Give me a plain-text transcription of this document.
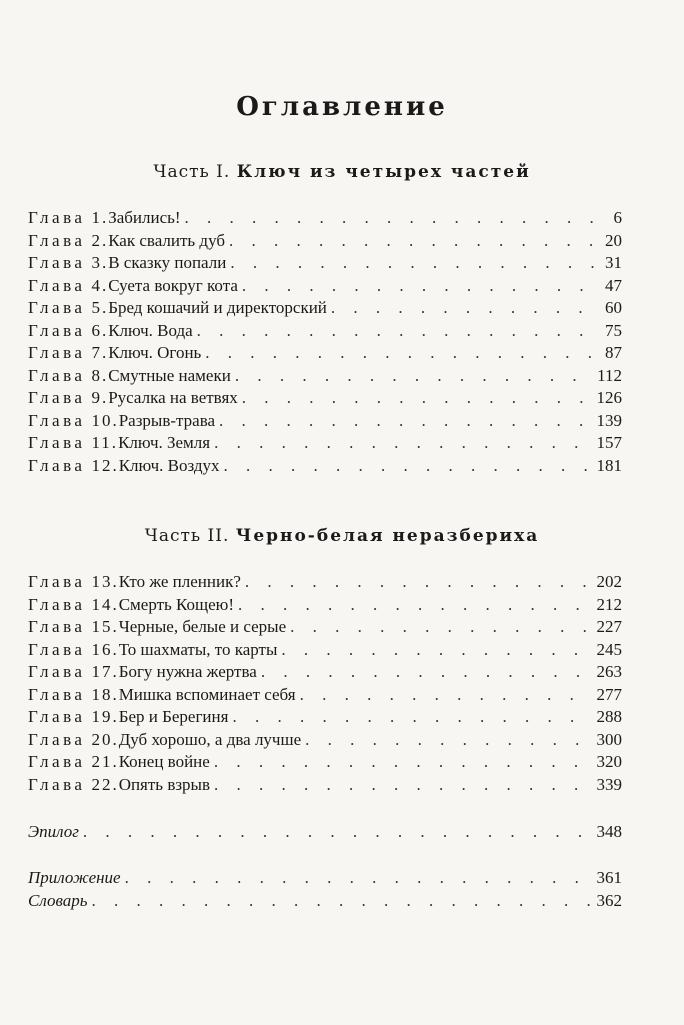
Оглавление
Часть I. Ключ из четырех частей
Глава 1. Забились! . . .	6
Глава 2. Как свалить дуб . . .	20
Глава 3. В сказку попали . . .	31
Глава 4. Суета вокруг кота . . .	47
Глава 5. Бред кошачий и директорский . . .	60
Глава 6. Ключ. Вода . . .	75
Глава 7. Ключ. Огонь . . .	87
Глава 8. Смутные намеки . . .	112
Глава 9. Русалка на ветвях . . .	126
Глава 10. Разрыв-трава . . .	139
Глава 11. Ключ. Земля . . .	157
Глава 12. Ключ. Воздух . . .	181
Часть II. Черно-белая неразбериха
Глава 13. Кто же пленник? . . .	202
Глава 14. Смерть Кощею! . . .	212
Глава 15. Черные, белые и серые . . .	227
Глава 16. То шахматы, то карты . . .	245
Глава 17. Богу нужна жертва . . .	263
Глава 18. Мишка вспоминает себя . . .	277
Глава 19. Бер и Берегиня . . .	288
Глава 20. Дуб хорошо, а два лучше . . .	300
Глава 21. Конец войне . . .	320
Глава 22. Опять взрыв . . .	339
Эпилог . . .	348
Приложение . . .	361
Словарь . . .	362
